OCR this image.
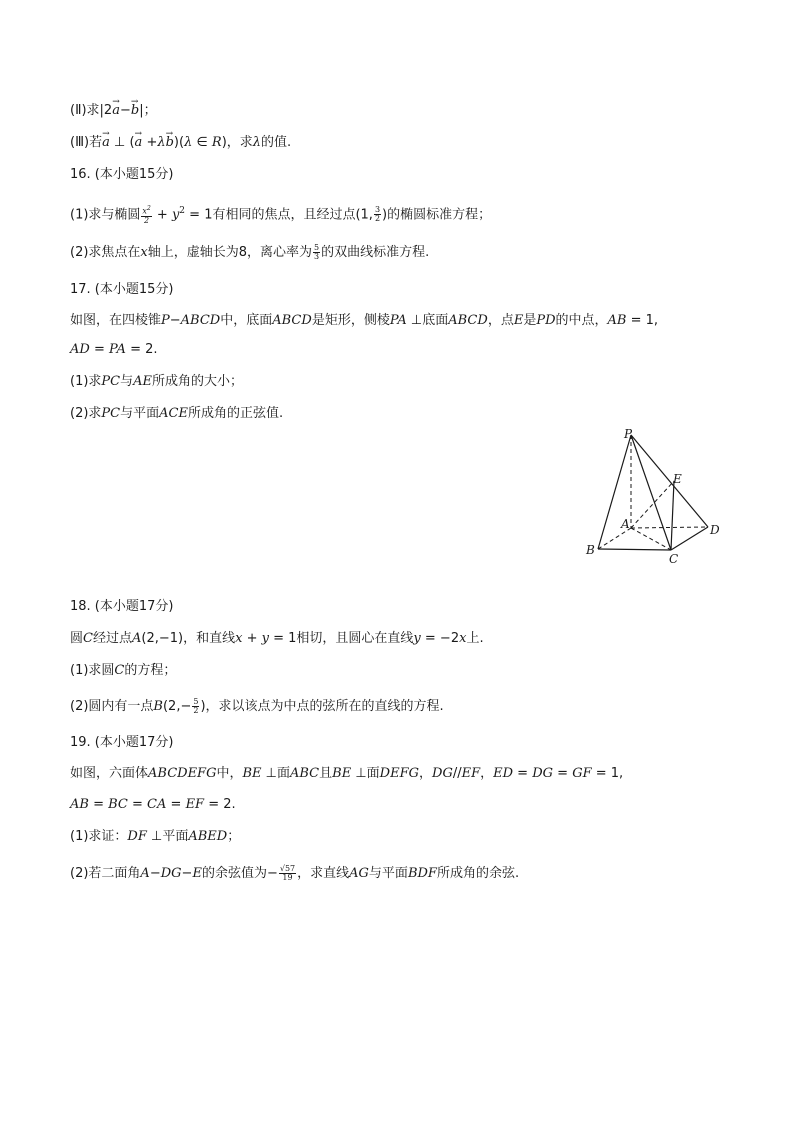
(Ⅱ)求|2→ a−→ b|；
(Ⅲ)若→ a ⊥ (→ a +λ→ b)(λ ∈ R)，求λ的值.
16. (本小题15分)
(1)求与椭圆 $\frac{x^2}{2} + y^2 = 1$有相同的焦点，且经过点(1, $\frac{3}{2}$ )的椭圆标准方程；
(2)求焦点在x轴上，虚轴长为8，离心率为 $\frac{5}{3}$ 的双曲线标准方程.
17. (本小题15分)
如图，在四棱锥P−ABCD中，底面ABCD是矩形，侧棱PA ⊥底面ABCD，点E是PD的中点，AB = 1,
AD = PA = 2.
(1)求PC与AE所成角的大小；
(2)求PC与平面ACE所成角的正弦值.
P
E
A	D
B
C
18. (本小题17分)
圆C经过点A(2,−1)，和直线x + y = 1相切，且圆心在直线y = −2x上.
(1)求圆C的方程；
(2)圆内有一点$B(2,- \frac{5}{2}$ )，求以该点为中点的弦所在的直线的方程.
19. (本小题17分)
如图，六面体ABCDEFG中，BE ⊥面ABC且BE ⊥面DEFG，DG//EF，ED = DG = GF = 1,
AB = BC = CA = EF = 2.
(1)求证：DF ⊥平面ABED；
(2)若二面角A−DG−E的余弦值为− $\frac{√57}{19}$ ，求直线AG与平面BDF所成角的余弦.
